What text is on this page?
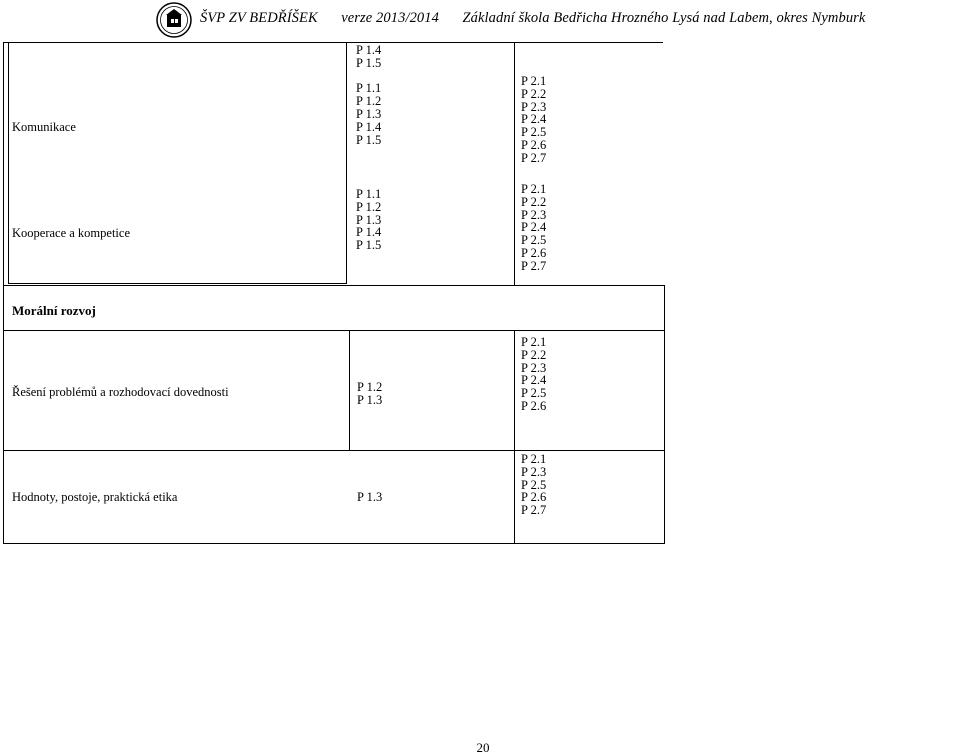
ŠVP ZV BEDŘÍŠEK verze 2013/2014 Základní škola Bedřicha Hrozného Lysá nad Labem, okres Nymburk
Komunikace
P 1.4
P 1.5
P 1.1
P 1.2
P 1.3
P 1.4
P 1.5
P 2.1
P 2.2
P 2.3
P 2.4
P 2.5
P 2.6
P 2.7
Kooperace a kompetice
P 1.1
P 1.2
P 1.3
P 1.4
P 1.5
P 2.1
P 2.2
P 2.3
P 2.4
P 2.5
P 2.6
P 2.7
Morální rozvoj
Řešení problémů a rozhodovací dovednosti	P 1.2
P 1.3
P 2.1
P 2.2
P 2.3
P 2.4
P 2.5
P 2.6
Hodnoty, postoje, praktická etika	P 1.3
P 2.1
P 2.3
P 2.5
P 2.6
P 2.7
20
